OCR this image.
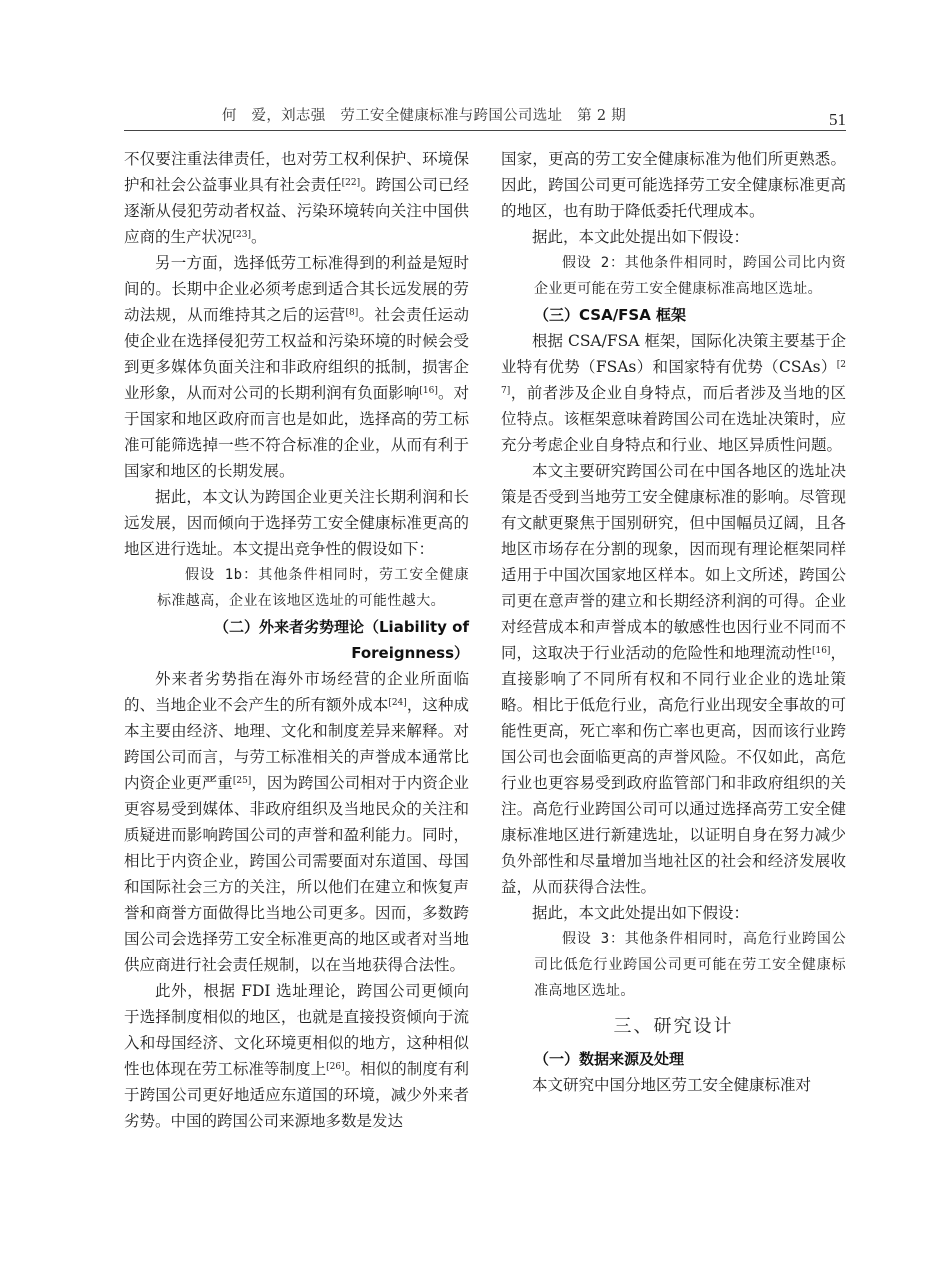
何　爱，刘志强　劳工安全健康标准与跨国公司选址　第 2 期	51

不仅要注重法律责任，也对劳工权利保护、环境保护和社会公益事业具有社会责任[22]。跨国公司已经逐渐从侵犯劳动者权益、污染环境转向关注中国供应商的生产状况[23]。

另一方面，选择低劳工标准得到的利益是短时间的。长期中企业必须考虑到适合其长远发展的劳动法规，从而维持其之后的运营[8]。社会责任运动使企业在选择侵犯劳工权益和污染环境的时候会受到更多媒体负面关注和非政府组织的抵制，损害企业形象，从而对公司的长期利润有负面影响[16]。对于国家和地区政府而言也是如此，选择高的劳工标准可能筛选掉一些不符合标准的企业，从而有利于国家和地区的长期发展。

据此，本文认为跨国企业更关注长期利润和长远发展，因而倾向于选择劳工安全健康标准更高的地区进行选址。本文提出竞争性的假设如下：

假设 1b：其他条件相同时，劳工安全健康标准越高，企业在该地区选址的可能性越大。

（二）外来者劣势理论（Liability of Foreignness）

外来者劣势指在海外市场经营的企业所面临的、当地企业不会产生的所有额外成本[24]，这种成本主要由经济、地理、文化和制度差异来解释。对跨国公司而言，与劳工标准相关的声誉成本通常比内资企业更严重[25]，因为跨国公司相对于内资企业更容易受到媒体、非政府组织及当地民众的关注和质疑进而影响跨国公司的声誉和盈利能力。同时，相比于内资企业，跨国公司需要面对东道国、母国和国际社会三方的关注，所以他们在建立和恢复声誉和商誉方面做得比当地公司更多。因而，多数跨国公司会选择劳工安全标准更高的地区或者对当地供应商进行社会责任规制，以在当地获得合法性。

此外，根据 FDI 选址理论，跨国公司更倾向于选择制度相似的地区，也就是直接投资倾向于流入和母国经济、文化环境更相似的地方，这种相似性也体现在劳工标准等制度上[26]。相似的制度有利于跨国公司更好地适应东道国的环境，减少外来者劣势。中国的跨国公司来源地多数是发达

国家，更高的劳工安全健康标准为他们所更熟悉。因此，跨国公司更可能选择劳工安全健康标准更高的地区，也有助于降低委托代理成本。

据此，本文此处提出如下假设：

假设 2：其他条件相同时，跨国公司比内资企业更可能在劳工安全健康标准高地区选址。

（三）CSA/FSA 框架

根据 CSA/FSA 框架，国际化决策主要基于企业特有优势（FSAs）和国家特有优势（CSAs）[27]，前者涉及企业自身特点，而后者涉及当地的区位特点。该框架意味着跨国公司在选址决策时，应充分考虑企业自身特点和行业、地区异质性问题。

本文主要研究跨国公司在中国各地区的选址决策是否受到当地劳工安全健康标准的影响。尽管现有文献更聚焦于国别研究，但中国幅员辽阔，且各地区市场存在分割的现象，因而现有理论框架同样适用于中国次国家地区样本。如上文所述，跨国公司更在意声誉的建立和长期经济利润的可得。企业对经营成本和声誉成本的敏感性也因行业不同而不同，这取决于行业活动的危险性和地理流动性[16]，直接影响了不同所有权和不同行业企业的选址策略。相比于低危行业，高危行业出现安全事故的可能性更高，死亡率和伤亡率也更高，因而该行业跨国公司也会面临更高的声誉风险。不仅如此，高危行业也更容易受到政府监管部门和非政府组织的关注。高危行业跨国公司可以通过选择高劳工安全健康标准地区进行新建选址，以证明自身在努力减少负外部性和尽量增加当地社区的社会和经济发展收益，从而获得合法性。

据此，本文此处提出如下假设：

假设 3：其他条件相同时，高危行业跨国公司比低危行业跨国公司更可能在劳工安全健康标准高地区选址。

三、研究设计
（一）数据来源及处理

本文研究中国分地区劳工安全健康标准对
